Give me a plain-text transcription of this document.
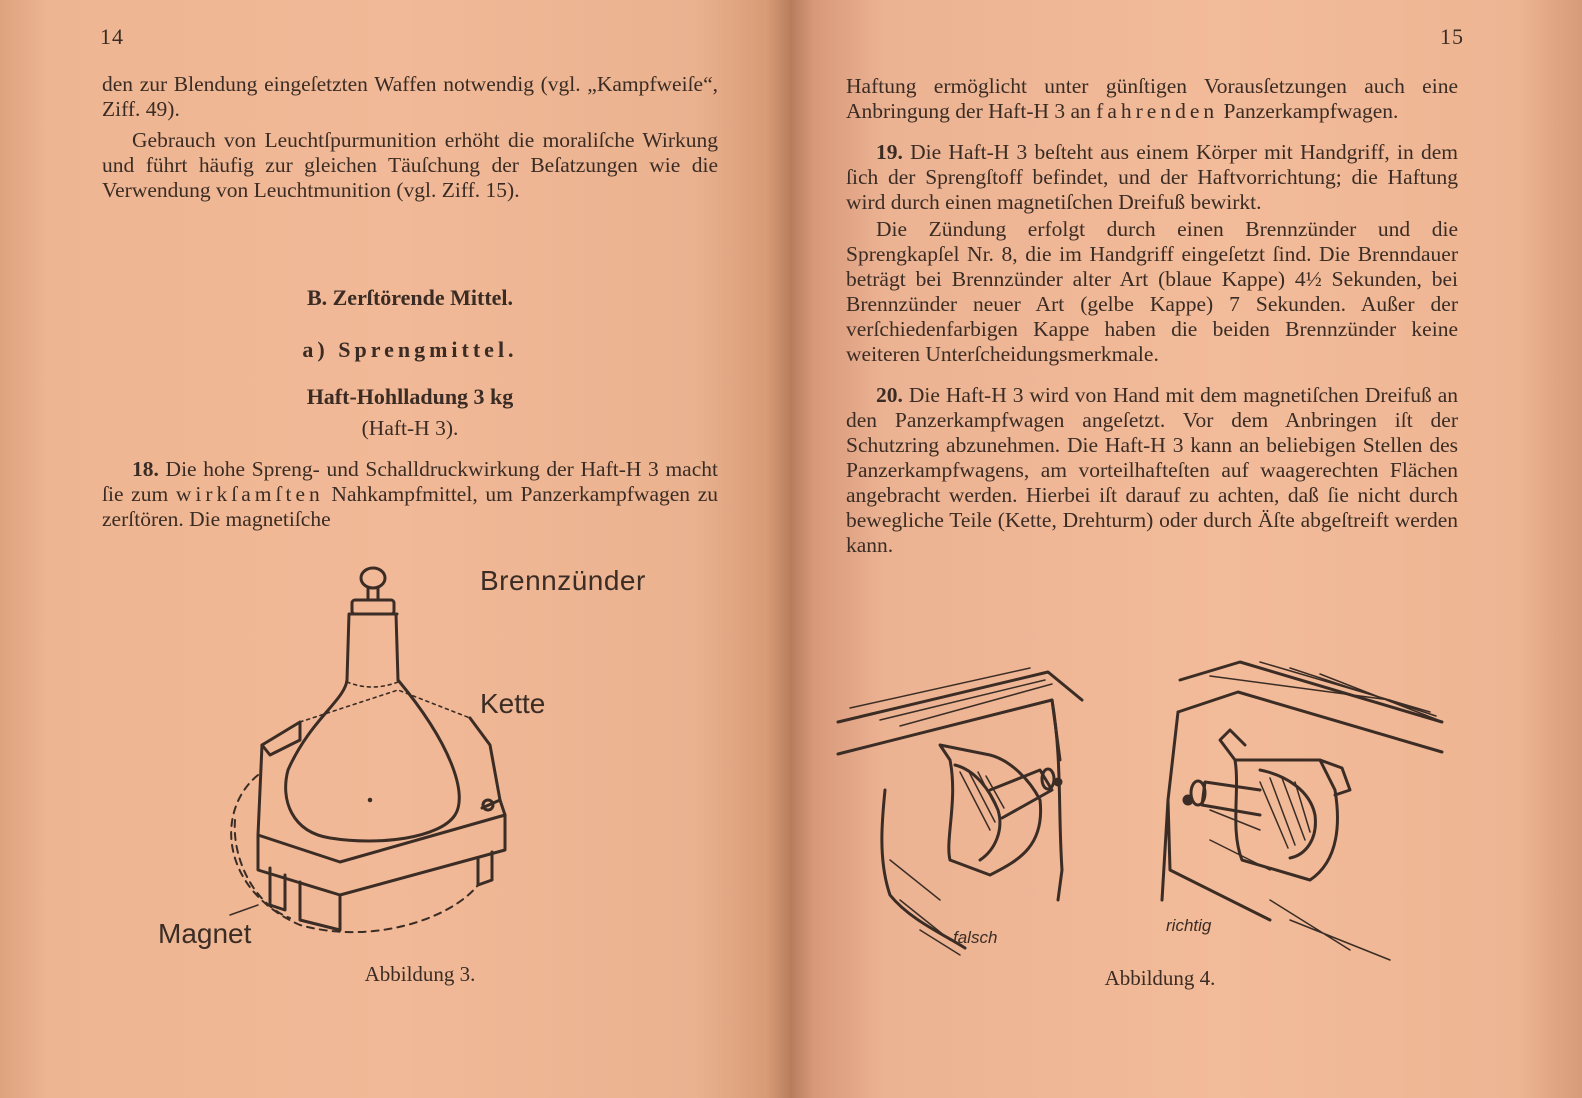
14

den zur Blendung eingeſetzten Waffen notwendig (vgl. „Kampfweiſe“, Ziff. 49).

Gebrauch von Leuchtſpurmunition erhöht die moraliſche Wirkung und führt häufig zur gleichen Täuſchung der Beſatzungen wie die Verwendung von Leuchtmunition (vgl. Ziff. 15).

B. Zerſtörende Mittel.
a) Sprengmittel.
Haft-Hohlladung 3 kg
(Haft-H 3).

18. Die hohe Spreng- und Schalldruckwirkung der Haft-H 3 macht ſie zum wirkſamſten Nahkampfmittel, um Panzerkampfwagen zu zerſtören. Die magnetiſche

Brennzünder
Kette
Magnet
Abbildung 3.
15

Haftung ermöglicht unter günſtigen Vorausſetzungen auch eine Anbringung der Haft-H 3 an fahrenden Panzerkampfwagen.

19. Die Haft-H 3 beſteht aus einem Körper mit Handgriff, in dem ſich der Sprengſtoff befindet, und der Haftvorrichtung; die Haftung wird durch einen magnetiſchen Dreifuß bewirkt.

Die Zündung erfolgt durch einen Brennzünder und die Sprengkapſel Nr. 8, die im Handgriff eingeſetzt ſind. Die Brenndauer beträgt bei Brennzünder alter Art (blaue Kappe) 4½ Sekunden, bei Brennzünder neuer Art (gelbe Kappe) 7 Sekunden. Außer der verſchiedenfarbigen Kappe haben die beiden Brennzünder keine weiteren Unterſcheidungsmerkmale.

20. Die Haft-H 3 wird von Hand mit dem magnetiſchen Dreifuß an den Panzerkampfwagen angeſetzt. Vor dem Anbringen iſt der Schutzring abzunehmen. Die Haft-H 3 kann an beliebigen Stellen des Panzerkampfwagens, am vorteilhafteſten auf waagerechten Flächen angebracht werden. Hierbei iſt darauf zu achten, daß ſie nicht durch bewegliche Teile (Kette, Drehturm) oder durch Äſte abgeſtreift werden kann.

falsch
richtig
Abbildung 4.
